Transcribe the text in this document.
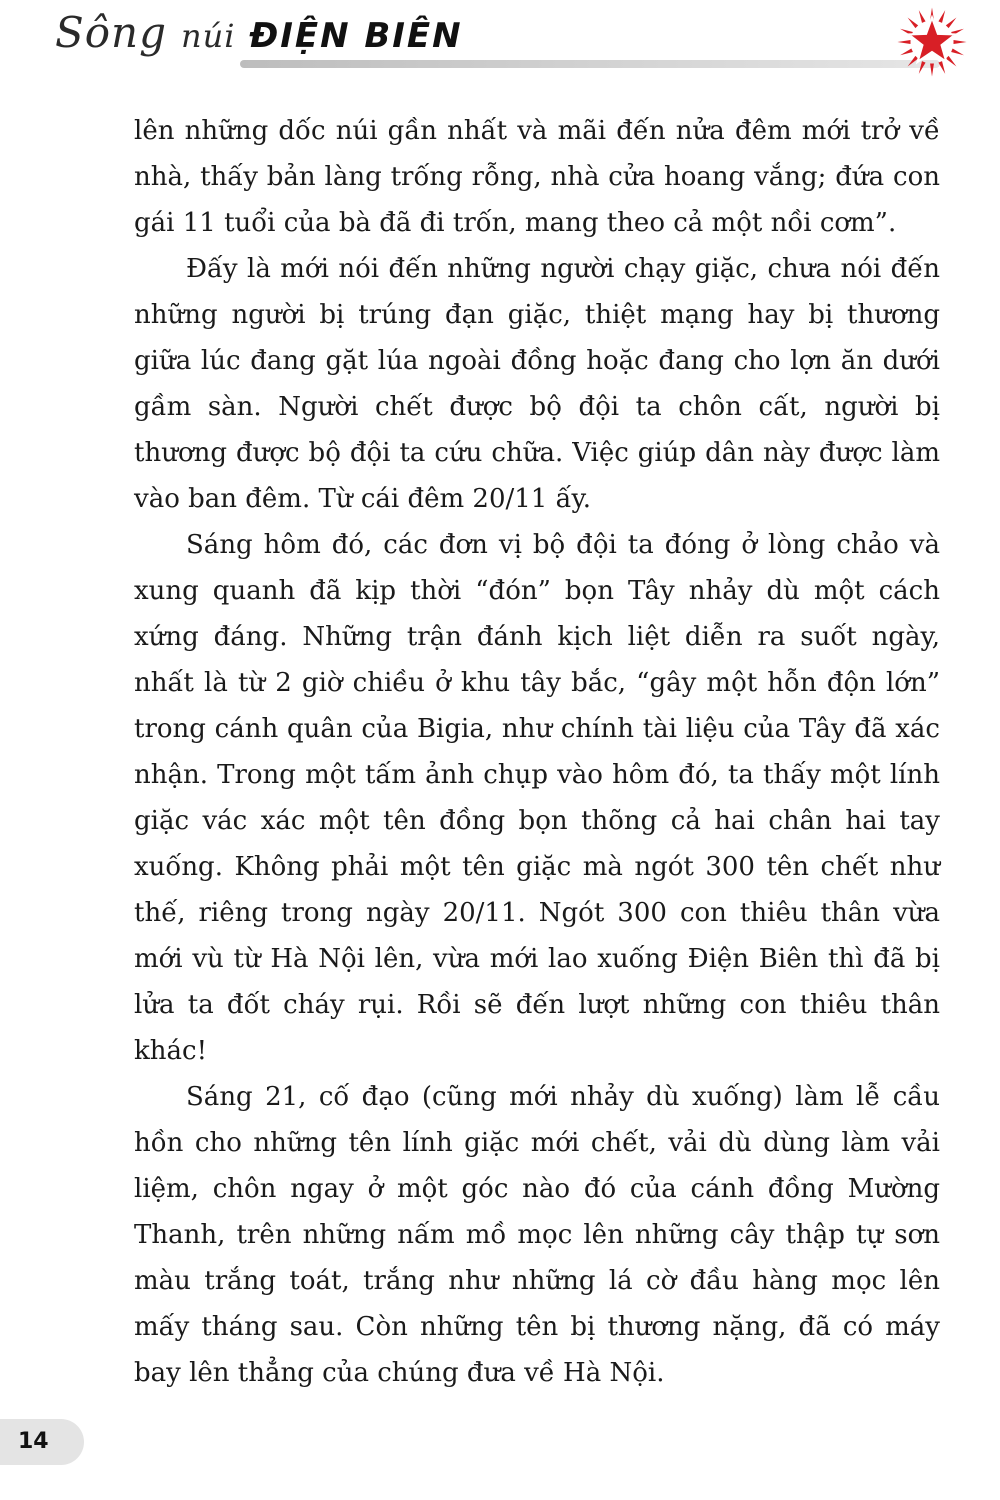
Sông núi ĐIỆN BIÊN

lên những dốc núi gần nhất và mãi đến nửa đêm mới trở về nhà, thấy bản làng trống rỗng, nhà cửa hoang vắng; đứa con gái 11 tuổi của bà đã đi trốn, mang theo cả một nồi cơm”.

Đấy là mới nói đến những người chạy giặc, chưa nói đến những người bị trúng đạn giặc, thiệt mạng hay bị thương giữa lúc đang gặt lúa ngoài đồng hoặc đang cho lợn ăn dưới gầm sàn. Người chết được bộ đội ta chôn cất, người bị thương được bộ đội ta cứu chữa. Việc giúp dân này được làm vào ban đêm. Từ cái đêm 20/11 ấy.

Sáng hôm đó, các đơn vị bộ đội ta đóng ở lòng chảo và xung quanh đã kịp thời “đón” bọn Tây nhảy dù một cách xứng đáng. Những trận đánh kịch liệt diễn ra suốt ngày, nhất là từ 2 giờ chiều ở khu tây bắc, “gây một hỗn độn lớn” trong cánh quân của Bigia, như chính tài liệu của Tây đã xác nhận. Trong một tấm ảnh chụp vào hôm đó, ta thấy một lính giặc vác xác một tên đồng bọn thõng cả hai chân hai tay xuống. Không phải một tên giặc mà ngót 300 tên chết như thế, riêng trong ngày 20/11. Ngót 300 con thiêu thân vừa mới vù từ Hà Nội lên, vừa mới lao xuống Điện Biên thì đã bị lửa ta đốt cháy rụi. Rồi sẽ đến lượt những con thiêu thân khác!

Sáng 21, cố đạo (cũng mới nhảy dù xuống) làm lễ cầu hồn cho những tên lính giặc mới chết, vải dù dùng làm vải liệm, chôn ngay ở một góc nào đó của cánh đồng Mường Thanh, trên những nấm mồ mọc lên những cây thập tự sơn màu trắng toát, trắng như những lá cờ đầu hàng mọc lên mấy tháng sau. Còn những tên bị thương nặng, đã có máy bay lên thẳng của chúng đưa về Hà Nội.

14
